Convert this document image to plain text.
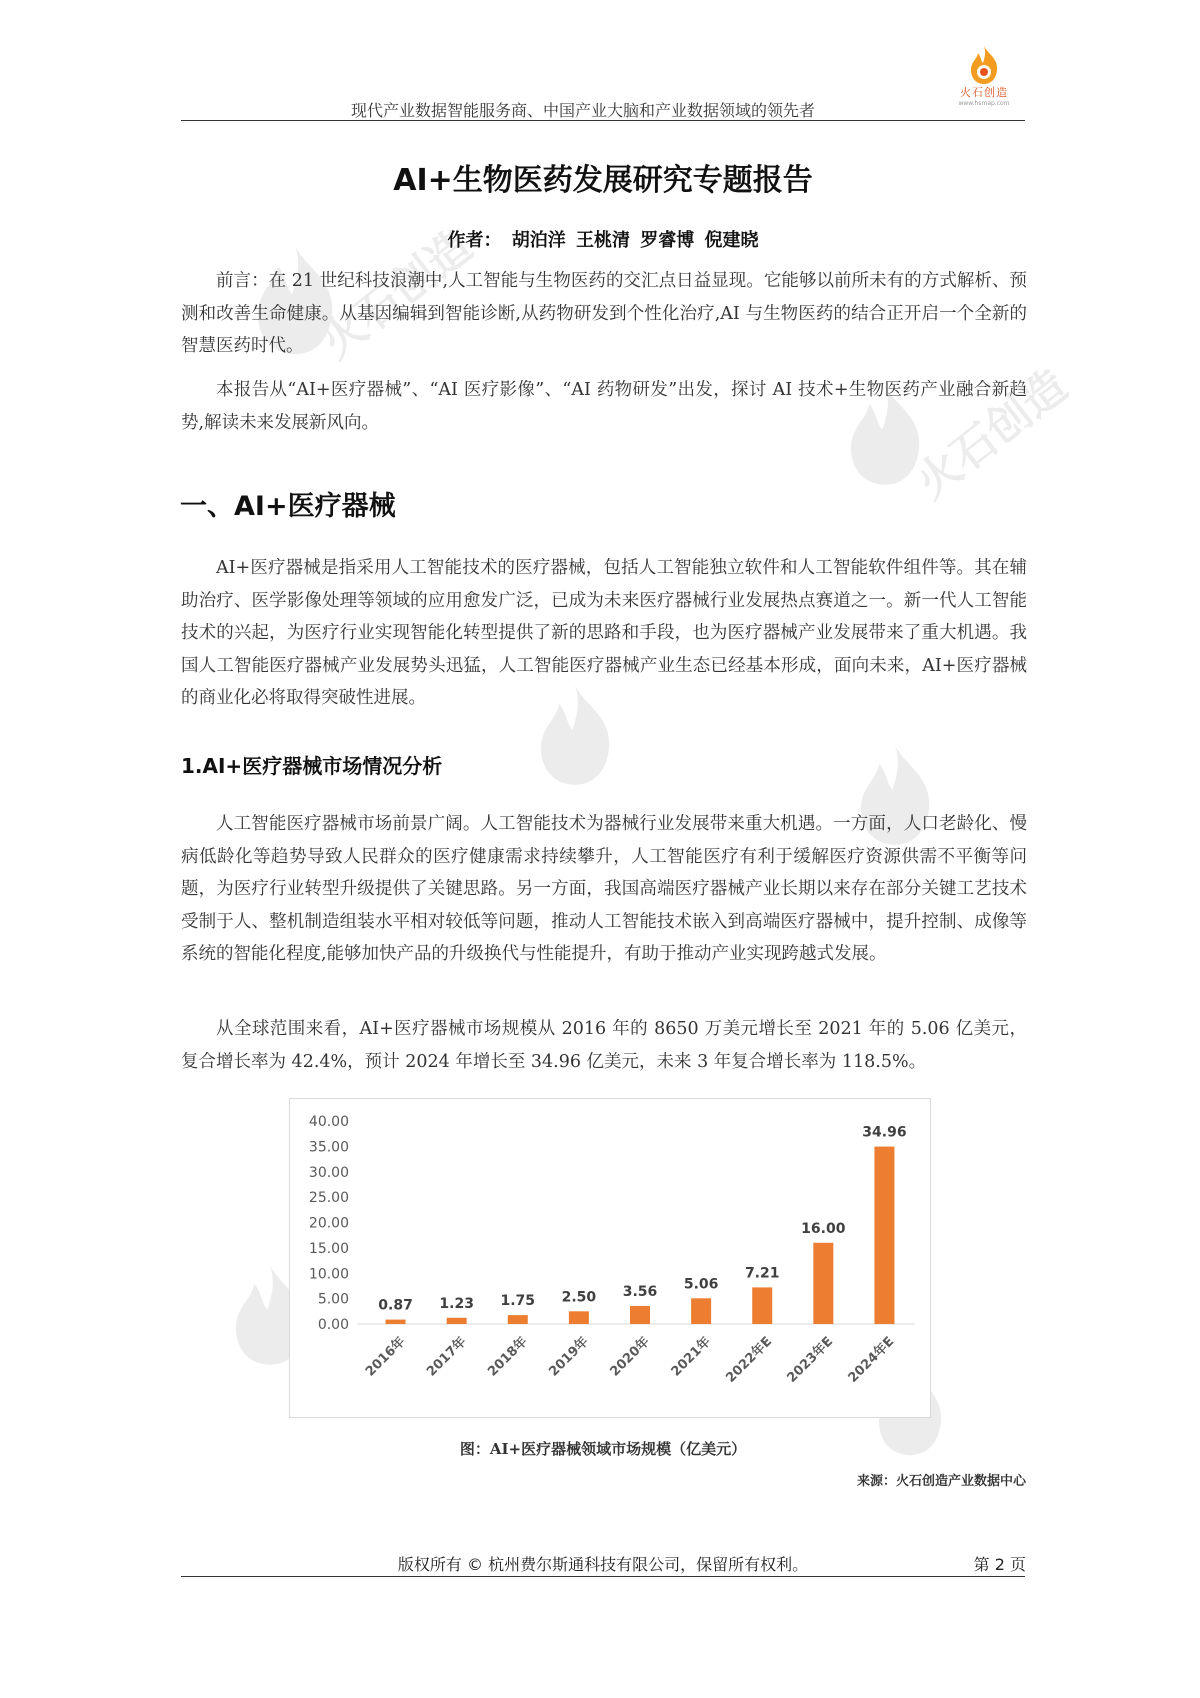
火石创造
www.hsmap.com
现代产业数据智能服务商、中国产业大脑和产业数据领域的领先者
火石创造
火石创造
AI+生物医药发展研究专题报告
作者： 胡泊洋 王桃清 罗睿博 倪建晓

前言：在 21 世纪科技浪潮中,人工智能与生物医药的交汇点日益显现。它能够以前所未有的方式解析、预测和改善生命健康。从基因编辑到智能诊断,从药物研发到个性化治疗,AI 与生物医药的结合正开启一个全新的智慧医药时代。

本报告从“AI+医疗器械”、“AI 医疗影像”、“AI 药物研发”出发，探讨 AI 技术+生物医药产业融合新趋势,解读未来发展新风向。

一、AI+医疗器械

AI+医疗器械是指采用人工智能技术的医疗器械，包括人工智能独立软件和人工智能软件组件等。其在辅助治疗、医学影像处理等领域的应用愈发广泛，已成为未来医疗器械行业发展热点赛道之一。新一代人工智能技术的兴起，为医疗行业实现智能化转型提供了新的思路和手段，也为医疗器械产业发展带来了重大机遇。我国人工智能医疗器械产业发展势头迅猛，人工智能医疗器械产业生态已经基本形成，面向未来，AI+医疗器械的商业化必将取得突破性进展。

1.AI+医疗器械市场情况分析

人工智能医疗器械市场前景广阔。人工智能技术为器械行业发展带来重大机遇。一方面，人口老龄化、慢病低龄化等趋势导致人民群众的医疗健康需求持续攀升，人工智能医疗有利于缓解医疗资源供需不平衡等问题，为医疗行业转型升级提供了关键思路。另一方面，我国高端医疗器械产业长期以来存在部分关键工艺技术受制于人、整机制造组装水平相对较低等问题，推动人工智能技术嵌入到高端医疗器械中，提升控制、成像等系统的智能化程度,能够加快产品的升级换代与性能提升，有助于推动产业实现跨越式发展。

从全球范围来看，AI+医疗器械市场规模从 2016 年的 8650 万美元增长至 2021 年的 5.06 亿美元，复合增长率为 42.4%，预计 2024 年增长至 34.96 亿美元，未来 3 年复合增长率为 118.5%。

0.00
5.00
10.00
15.00
20.00
25.00
30.00
35.00
40.00
0.87
2016年
1.23
2017年
1.75
2018年
2.50
2019年
3.56
2020年
5.06
2021年
7.21
2022年E
16.00
2023年E
34.96
2024年E
图：AI+医疗器械领域市场规模（亿美元）
来源：火石创造产业数据中心
版权所有 © 杭州费尔斯通科技有限公司，保留所有权利。	第 2 页
